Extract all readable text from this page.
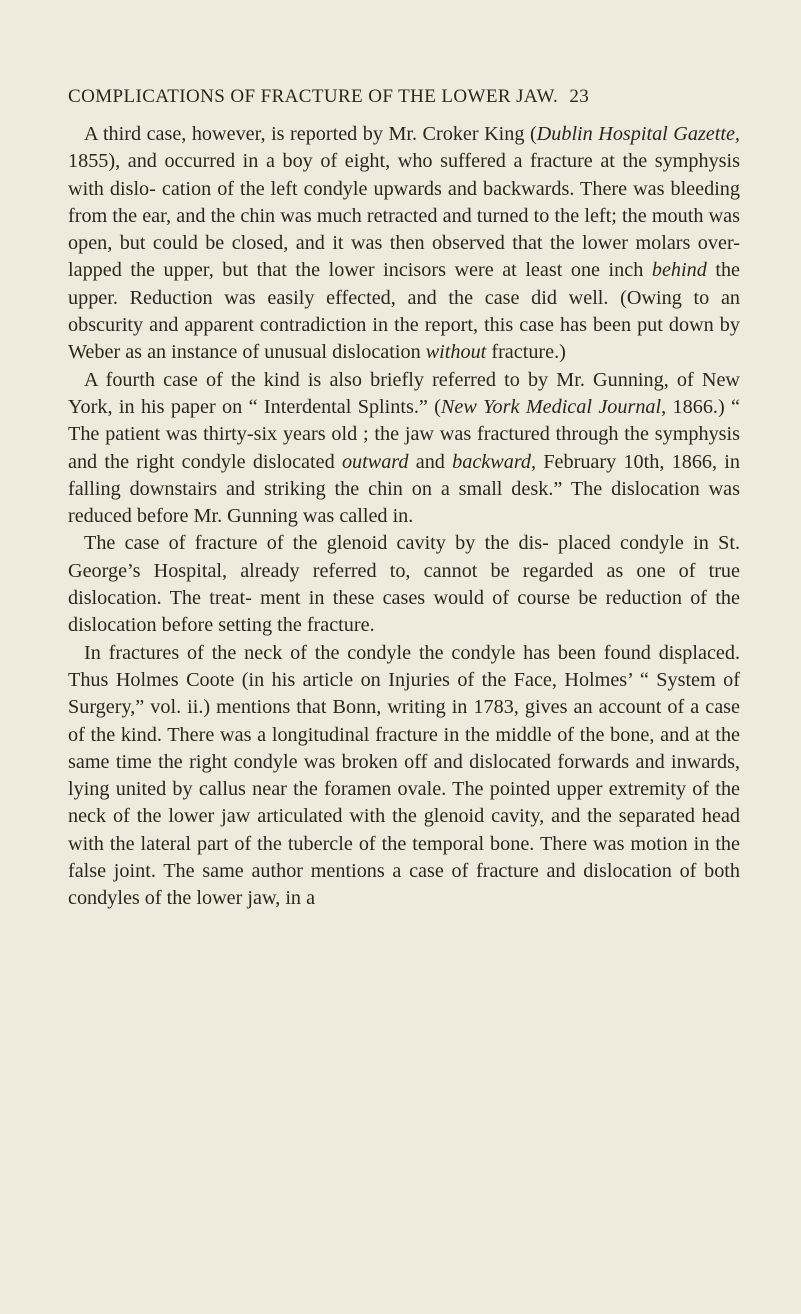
COMPLICATIONS OF FRACTURE OF THE LOWER JAW. 23

A third case, however, is reported by Mr. Croker King (Dublin Hospital Gazette, 1855), and occurred in a boy of eight, who suffered a fracture at the symphysis with dislo- cation of the left condyle upwards and backwards. There was bleeding from the ear, and the chin was much retracted and turned to the left; the mouth was open, but could be closed, and it was then observed that the lower molars over- lapped the upper, but that the lower incisors were at least one inch behind the upper. Reduction was easily effected, and the case did well. (Owing to an obscurity and apparent contradiction in the report, this case has been put down by Weber as an instance of unusual dislocation without fracture.)

A fourth case of the kind is also briefly referred to by Mr. Gunning, of New York, in his paper on “ Interdental Splints.” (New York Medical Journal, 1866.) “ The patient was thirty-six years old ; the jaw was fractured through the symphysis and the right condyle dislocated outward and backward, February 10th, 1866, in falling downstairs and striking the chin on a small desk.” The dislocation was reduced before Mr. Gunning was called in.

The case of fracture of the glenoid cavity by the dis- placed condyle in St. George’s Hospital, already referred to, cannot be regarded as one of true dislocation. The treat- ment in these cases would of course be reduction of the dislocation before setting the fracture.

In fractures of the neck of the condyle the condyle has been found displaced. Thus Holmes Coote (in his article on Injuries of the Face, Holmes’ “ System of Surgery,” vol. ii.) mentions that Bonn, writing in 1783, gives an account of a case of the kind. There was a longitudinal fracture in the middle of the bone, and at the same time the right condyle was broken off and dislocated forwards and inwards, lying united by callus near the foramen ovale. The pointed upper extremity of the neck of the lower jaw articulated with the glenoid cavity, and the separated head with the lateral part of the tubercle of the temporal bone. There was motion in the false joint. The same author mentions a case of fracture and dislocation of both condyles of the lower jaw, in a
